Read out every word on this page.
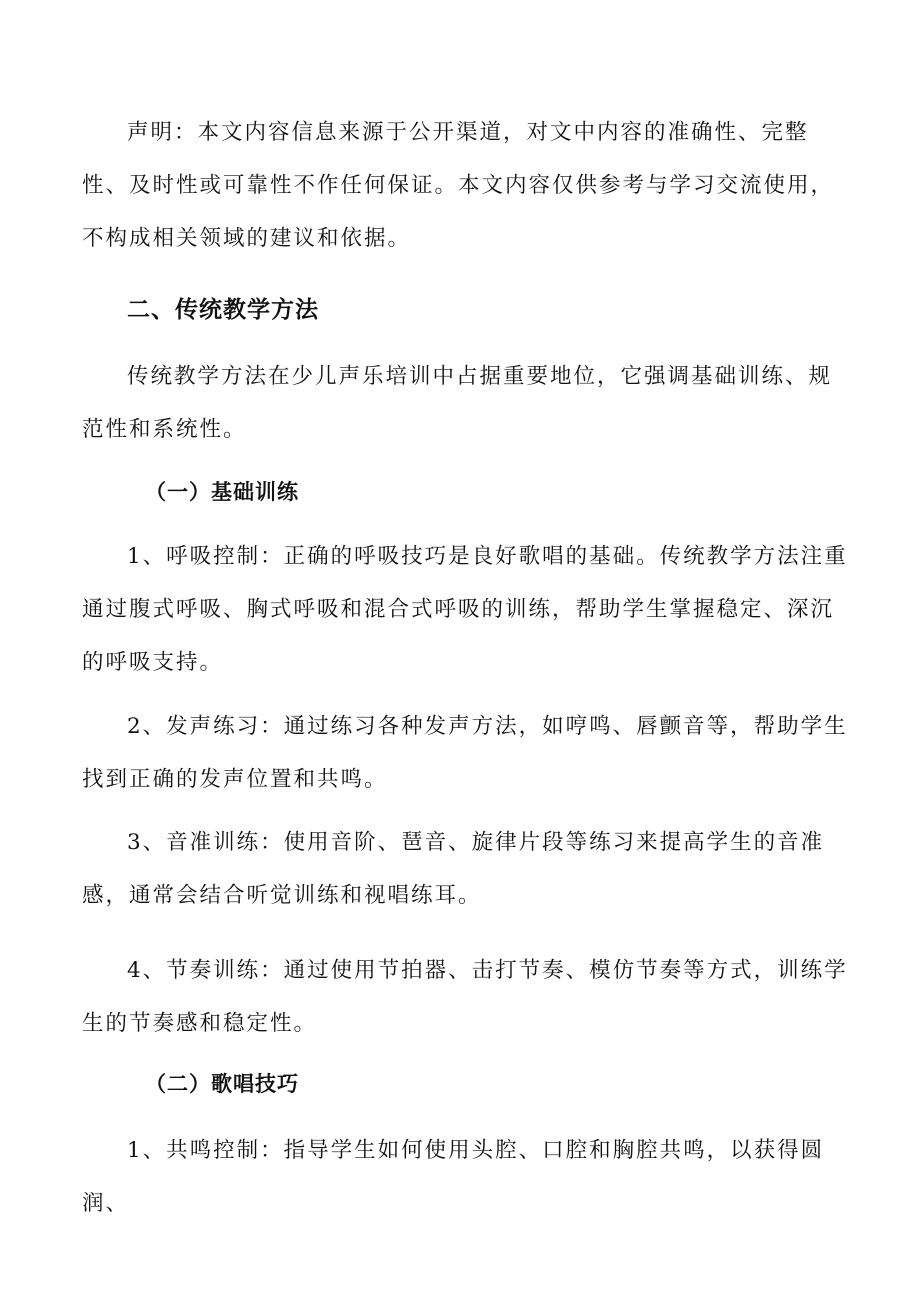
声明：本文内容信息来源于公开渠道，对文中内容的准确性、完整性、及时性或可靠性不作任何保证。本文内容仅供参考与学习交流使用，不构成相关领域的建议和依据。

二、传统教学方法

传统教学方法在少儿声乐培训中占据重要地位，它强调基础训练、规范性和系统性。

（一）基础训练

1、呼吸控制：正确的呼吸技巧是良好歌唱的基础。传统教学方法注重通过腹式呼吸、胸式呼吸和混合式呼吸的训练，帮助学生掌握稳定、深沉的呼吸支持。

2、发声练习：通过练习各种发声方法，如哼鸣、唇颤音等，帮助学生找到正确的发声位置和共鸣。

3、音准训练：使用音阶、琶音、旋律片段等练习来提高学生的音准感，通常会结合听觉训练和视唱练耳。

4、节奏训练：通过使用节拍器、击打节奏、模仿节奏等方式，训练学生的节奏感和稳定性。

（二）歌唱技巧

1、共鸣控制：指导学生如何使用头腔、口腔和胸腔共鸣，以获得圆润、
